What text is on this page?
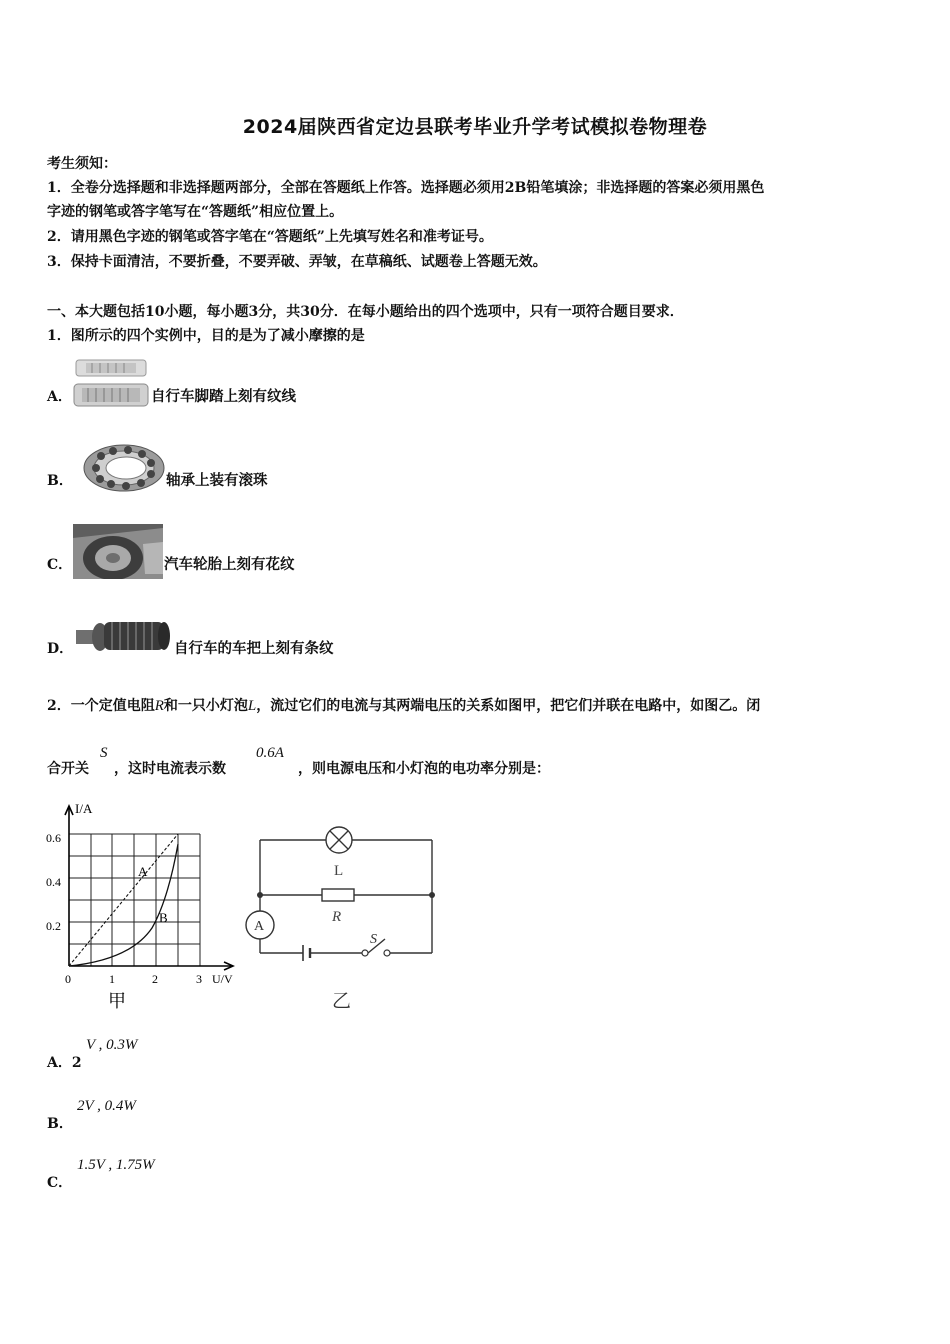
2024届陕西省定边县联考毕业升学考试模拟卷物理卷
考生须知：
1．全卷分选择题和非选择题两部分，全部在答题纸上作答。选择题必须用2B铅笔填涂；非选择题的答案必须用黑色
字迹的钢笔或答字笔写在“答题纸”相应位置上。
2．请用黑色字迹的钢笔或答字笔在“答题纸”上先填写姓名和准考证号。
3．保持卡面清洁，不要折叠，不要弄破、弄皱，在草稿纸、试题卷上答题无效。
一、本大题包括10小题，每小题3分，共30分．在每小题给出的四个选项中，只有一项符合题目要求．
1．图所示的四个实例中，目的是为了减小摩擦的是
A．	自行车脚踏上刻有纹线
B．	轴承上装有滚珠
C．	汽车轮胎上刻有花纹
D．	自行车的车把上刻有条纹
2．一个定值电阻R和一只小灯泡L，流过它们的电流与其两端电压的关系如图甲，把它们并联在电路中，如图乙。闭
合开关
S
，这时电流表示数
0.6A
，则电源电压和小灯泡的电功率分别是：
I/A
U/V
0.6
0.4
0.2
0	1	2	3
A
B
甲
L
R
A
S
乙
A．2
V , 0.3W
B．
2V , 0.4W
C．
1.5V , 1.75W
